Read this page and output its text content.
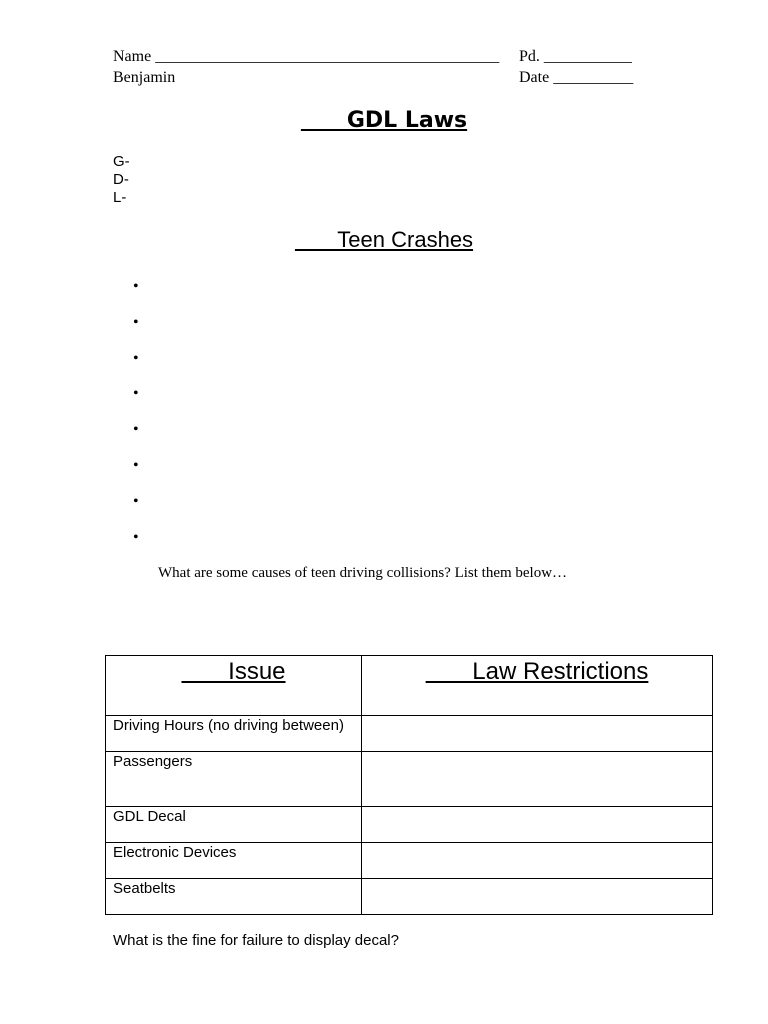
Name ___________________________________________
Benjamin
Pd. ___________
Date __________
GDL Laws
G-
D-
L-
Teen Crashes
•
•
•
•
•
•
•
•
What are some causes of teen driving collisions? List them below…
Issue	Law Restrictions
Driving Hours (no driving between)	
Passengers	
GDL Decal	
Electronic Devices	
Seatbelts	
What is the fine for failure to display decal?
